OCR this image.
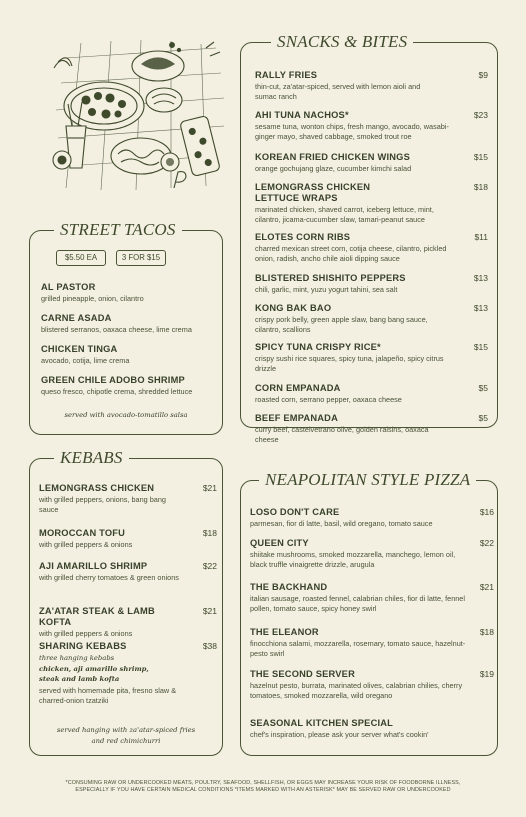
STREET TACOS
$5.50 EA	3 FOR $15
AL PASTOR
grilled pineapple, onion, cilantro
CARNE ASADA
blistered serranos, oaxaca cheese, lime crema
CHICKEN TINGA
avocado, cotija, lime crema
GREEN CHILE ADOBO SHRIMP
queso fresco, chipotle crema, shredded lettuce
served with avocado-tomatillo salsa
KEBABS
LEMONGRASS CHICKEN
with grilled peppers, onions, bang bang sauce
$21
MOROCCAN TOFU
with grilled peppers & onions
$18
AJI AMARILLO SHRIMP
with grilled cherry tomatoes & green onions
$22
ZA'ATAR STEAK & LAMB KOFTA
with grilled peppers & onions
$21
SHARING KEBABS
three hanging kebabs
chicken, aji amarillo shrimp,
steak and lamb kofta
served with homemade pita, fresno slaw & charred-onion tzatziki
$38
served hanging with za'atar-spiced fries
and red chimichurri
SNACKS & BITES
RALLY FRIES
thin-cut, za'atar-spiced, served with lemon aioli and sumac ranch
$9
AHI TUNA NACHOS*
sesame tuna, wonton chips, fresh mango, avocado, wasabi-ginger mayo, shaved cabbage, smoked trout roe
$23
KOREAN FRIED CHICKEN WINGS
orange gochujang glaze, cucumber kimchi salad
$15
LEMONGRASS CHICKEN LETTUCE WRAPS
marinated chicken, shaved carrot, iceberg lettuce, mint, cilantro, jicama-cucumber slaw, tamari-peanut sauce
$18
ELOTES CORN RIBS
charred mexican street corn, cotija cheese, cilantro, pickled onion, radish, ancho chile aioli dipping sauce
$11
BLISTERED SHISHITO PEPPERS
chili, garlic, mint, yuzu yogurt tahini, sea salt
$13
KONG BAK BAO
crispy pork belly, green apple slaw, bang bang sauce, cilantro, scallions
$13
SPICY TUNA CRISPY RICE*
crispy sushi rice squares, spicy tuna, jalapeño, spicy citrus drizzle
$15
CORN EMPANADA
roasted corn, serrano pepper, oaxaca cheese
$5
BEEF EMPANADA
curry beef, castelvetrano olive, golden raisins, oaxaca cheese
$5
NEAPOLITAN STYLE PIZZA
LOSO DON'T CARE
parmesan, fior di latte, basil, wild oregano, tomato sauce
$16
QUEEN CITY
shiitake mushrooms, smoked mozzarella, manchego, lemon oil, black truffle vinaigrette drizzle, arugula
$22
THE BACKHAND
italian sausage, roasted fennel, calabrian chiles, fior di latte, fennel pollen, tomato sauce, spicy honey swirl
$21
THE ELEANOR
finocchiona salami, mozzarella, rosemary, tomato sauce, hazelnut-pesto swirl
$18
THE SECOND SERVER
hazelnut pesto, burrata, marinated olives, calabrian chilies, cherry tomatoes, smoked mozzarella, wild oregano
$19
SEASONAL KITCHEN SPECIAL
chef's inspiration, please ask your server what's cookin'
*CONSUMING RAW OR UNDERCOOKED MEATS, POULTRY, SEAFOOD, SHELLFISH, OR EGGS MAY INCREASE YOUR RISK OF FOODBORNE ILLNESS,
ESPECIALLY IF YOU HAVE CERTAIN MEDICAL CONDITIONS *ITEMS MARKED WITH AN ASTERISK* MAY BE SERVED RAW OR UNDERCOOKED
